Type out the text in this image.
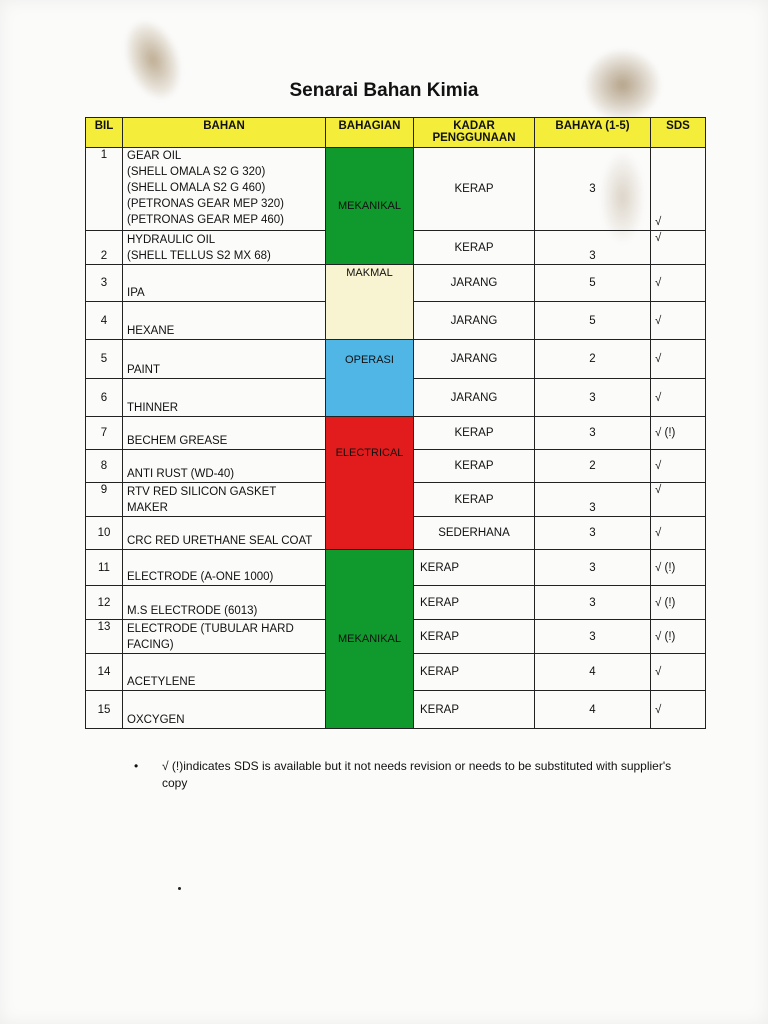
Senarai Bahan Kimia
BIL	BAHAN	BAHAGIAN	KADAR PENGGUNAAN	BAHAYA (1-5)	SDS
1	GEAR OIL
(SHELL OMALA S2 G 320)
(SHELL OMALA S2 G 460)
(PETRONAS GEAR MEP 320)
(PETRONAS GEAR MEP 460)	MEKANIKAL	KERAP	3	√
2	HYDRAULIC OIL
(SHELL TELLUS S2 MX 68)		KERAP	3	√
3	IPA	MAKMAL	JARANG	5	√
4	HEXANE		JARANG	5	√
5	PAINT	OPERASI	JARANG	2	√
6	THINNER		JARANG	3	√
7	BECHEM GREASE	ELECTRICAL	KERAP	3	√ (!)
8	ANTI RUST (WD-40)		KERAP	2	√
9	RTV RED SILICON GASKET
MAKER		KERAP	3	√
10	CRC RED URETHANE SEAL COAT		SEDERHANA	3	√
11	ELECTRODE (A-ONE 1000)	MEKANIKAL	KERAP	3	√ (!)
12	M.S ELECTRODE (6013)		KERAP	3	√ (!)
13	ELECTRODE (TUBULAR HARD
FACING)		KERAP	3	√ (!)
14	ACETYLENE		KERAP	4	√
15	OXCYGEN		KERAP	4	√
• √ (!)indicates SDS is available but it not needs revision or needs to be substituted with supplier's copy
